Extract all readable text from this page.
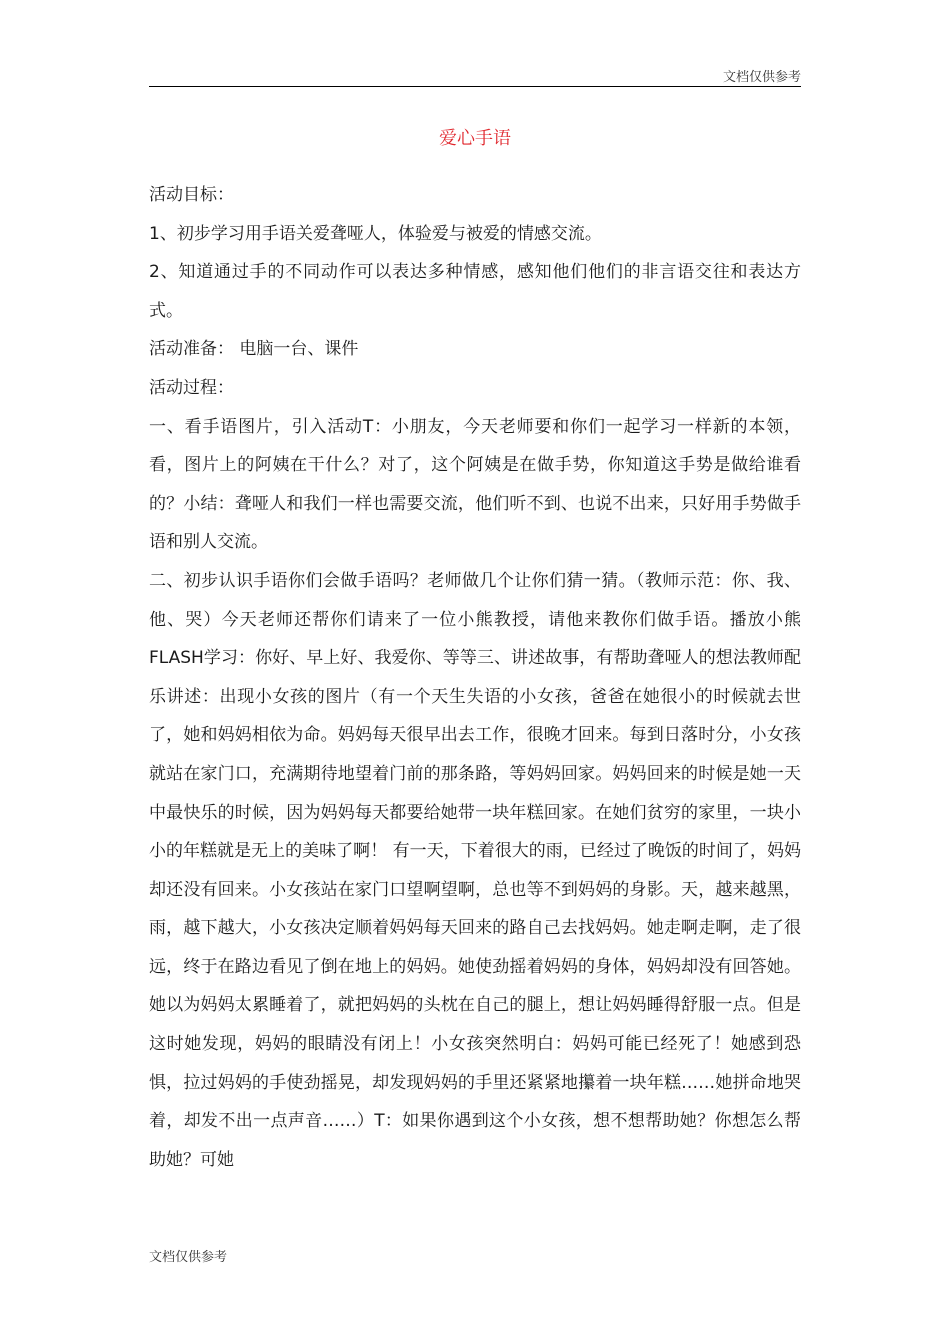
文档仅供参考
爱心手语

活动目标：

1、初步学习用手语关爱聋哑人，体验爱与被爱的情感交流。

2、知道通过手的不同动作可以表达多种情感，感知他们他们的非言语交往和表达方式。

活动准备： 电脑一台、课件

活动过程：

一、看手语图片，引入活动T：小朋友，今天老师要和你们一起学习一样新的本领，看，图片上的阿姨在干什么？对了，这个阿姨是在做手势，你知道这手势是做给谁看的？小结：聋哑人和我们一样也需要交流，他们听不到、也说不出来，只好用手势做手语和别人交流。

二、初步认识手语你们会做手语吗？老师做几个让你们猜一猜。（教师示范：你、我、他、哭）今天老师还帮你们请来了一位小熊教授，请他来教你们做手语。播放小熊FLASH学习：你好、早上好、我爱你、等等三、讲述故事，有帮助聋哑人的想法教师配乐讲述：出现小女孩的图片（有一个天生失语的小女孩，爸爸在她很小的时候就去世了，她和妈妈相依为命。妈妈每天很早出去工作，很晚才回来。每到日落时分，小女孩就站在家门口，充满期待地望着门前的那条路，等妈妈回家。妈妈回来的时候是她一天中最快乐的时候，因为妈妈每天都要给她带一块年糕回家。在她们贫穷的家里，一块小小的年糕就是无上的美味了啊！ 有一天，下着很大的雨，已经过了晚饭的时间了，妈妈却还没有回来。小女孩站在家门口望啊望啊，总也等不到妈妈的身影。天，越来越黑，雨，越下越大，小女孩决定顺着妈妈每天回来的路自己去找妈妈。她走啊走啊，走了很远，终于在路边看见了倒在地上的妈妈。她使劲摇着妈妈的身体，妈妈却没有回答她。她以为妈妈太累睡着了，就把妈妈的头枕在自己的腿上，想让妈妈睡得舒服一点。但是这时她发现，妈妈的眼睛没有闭上！小女孩突然明白：妈妈可能已经死了！她感到恐惧，拉过妈妈的手使劲摇晃，却发现妈妈的手里还紧紧地攥着一块年糕……她拼命地哭着，却发不出一点声音……）T：如果你遇到这个小女孩，想不想帮助她？你想怎么帮助她？可她

文档仅供参考
